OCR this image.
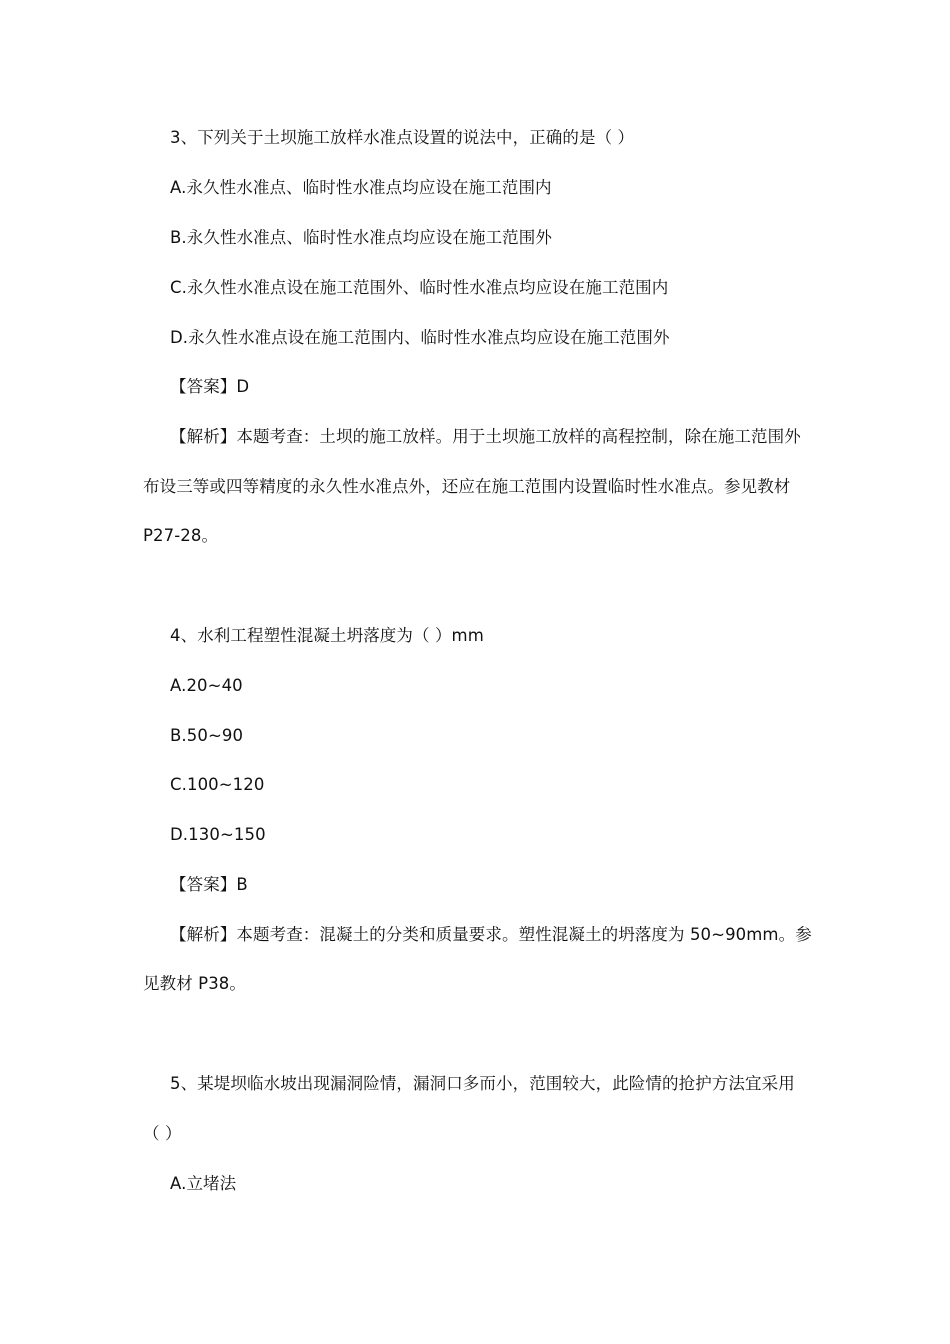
3、下列关于土坝施工放样水准点设置的说法中，正确的是（ ）
A.永久性水准点、临时性水准点均应设在施工范围内
B.永久性水准点、临时性水准点均应设在施工范围外
C.永久性水准点设在施工范围外、临时性水准点均应设在施工范围内
D.永久性水准点设在施工范围内、临时性水准点均应设在施工范围外
【答案】D
【解析】本题考查：土坝的施工放样。用于土坝施工放样的高程控制，除在施工范围外
布设三等或四等精度的永久性水准点外，还应在施工范围内设置临时性水准点。参见教材
P27-28。
4、水利工程塑性混凝土坍落度为（ ）mm
A.20~40
B.50~90
C.100~120
D.130~150
【答案】B
【解析】本题考查：混凝土的分类和质量要求。塑性混凝土的坍落度为 50~90mm。参
见教材 P38。
5、某堤坝临水坡出现漏洞险情，漏洞口多而小，范围较大，此险情的抢护方法宜采用
（ ）
A.立堵法
